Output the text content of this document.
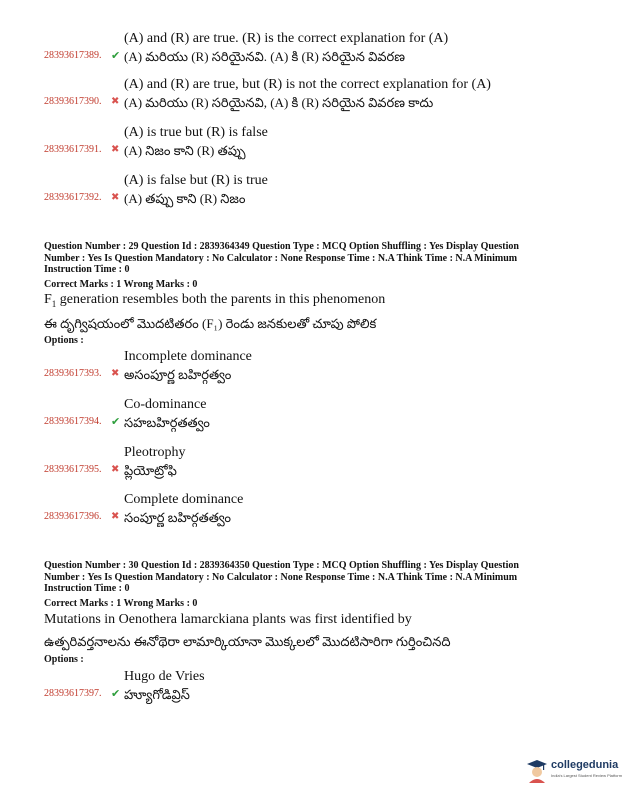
28393617389. ✔
(A) and (R) are true. (R) is the correct explanation for (A)
(A) మరియు (R) సరియైనవి. (A) కి (R) సరియైన వివరణ
28393617390. ✖
(A) and (R) are true, but (R) is not the correct explanation for (A)
(A) మరియు (R) సరియైనవి, (A) కి (R) సరియైన వివరణ కాదు
28393617391. ✖
(A) is true but (R) is false
(A) నిజం కాని (R) తప్పు
28393617392. ✖
(A) is false but (R) is true
(A) తప్పు కాని (R) నిజం
Question Number : 29 Question Id : 2839364349 Question Type : MCQ Option Shuffling : Yes Display Question Number : Yes Is Question Mandatory : No Calculator : None Response Time : N.A Think Time : N.A Minimum Instruction Time : 0
Correct Marks : 1 Wrong Marks : 0
$F_1$ generation resembles both the parents in this phenomenon
ఈ దృగ్విషయంలో మొదటితరం (F₁) రెండు జనకులతో చూపు పోలిక
Options :
28393617393. ✖
Incomplete dominance
అసంపూర్ణ బహిర్గత్వం
28393617394. ✔
Co-dominance
సహబహిర్గతత్వం
28393617395. ✖
Pleotrophy
ప్లియోట్రోఫి
28393617396. ✖
Complete dominance
సంపూర్ణ బహిర్గతత్వం
Question Number : 30 Question Id : 2839364350 Question Type : MCQ Option Shuffling : Yes Display Question Number : Yes Is Question Mandatory : No Calculator : None Response Time : N.A Think Time : N.A Minimum Instruction Time : 0
Correct Marks : 1 Wrong Marks : 0
Mutations in Oenothera lamarckiana plants was first identified by
ఉత్పరివర్తనాలను ఈనోథెరా లామార్కియానా మొక్కలలో మొదటిసారిగా గుర్తించినది
Options :
28393617397. ✔
Hugo de Vries
హ్యూగోడివ్రిస్
collegedunia
India's Largest Student Review Platform
